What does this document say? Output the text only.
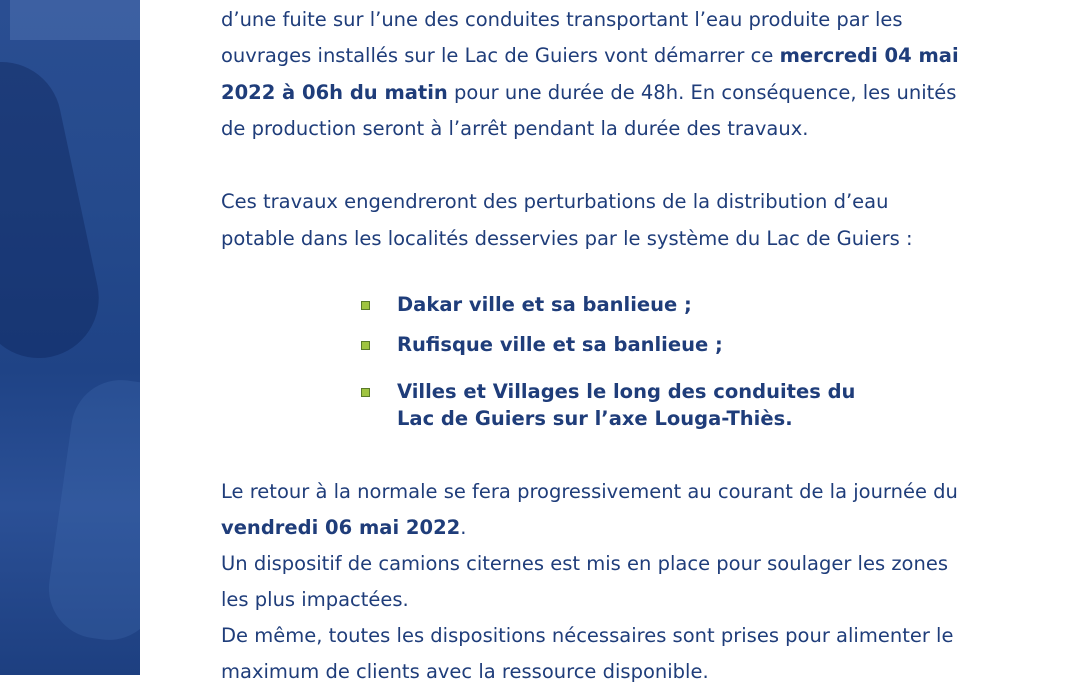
d’une fuite sur l’une des conduites transportant l’eau produite par les

ouvrages installés sur le Lac de Guiers vont démarrer ce mercredi 04 mai

2022 à 06h du matin pour une durée de 48h. En conséquence, les unités

de production seront à l’arrêt pendant la durée des travaux.

Ces travaux engendreront des perturbations de la distribution d’eau

potable dans les localités desservies par le système du Lac de Guiers :

Dakar ville et sa banlieue ;
Rufisque ville et sa banlieue ;
Villes et Villages le long des conduites du
Lac de Guiers sur l’axe Louga-Thiès.

Le retour à la normale se fera progressivement au courant de la journée du

vendredi 06 mai 2022.

Un dispositif de camions citernes est mis en place pour soulager les zones

les plus impactées.

De même, toutes les dispositions nécessaires sont prises pour alimenter le

maximum de clients avec la ressource disponible.
